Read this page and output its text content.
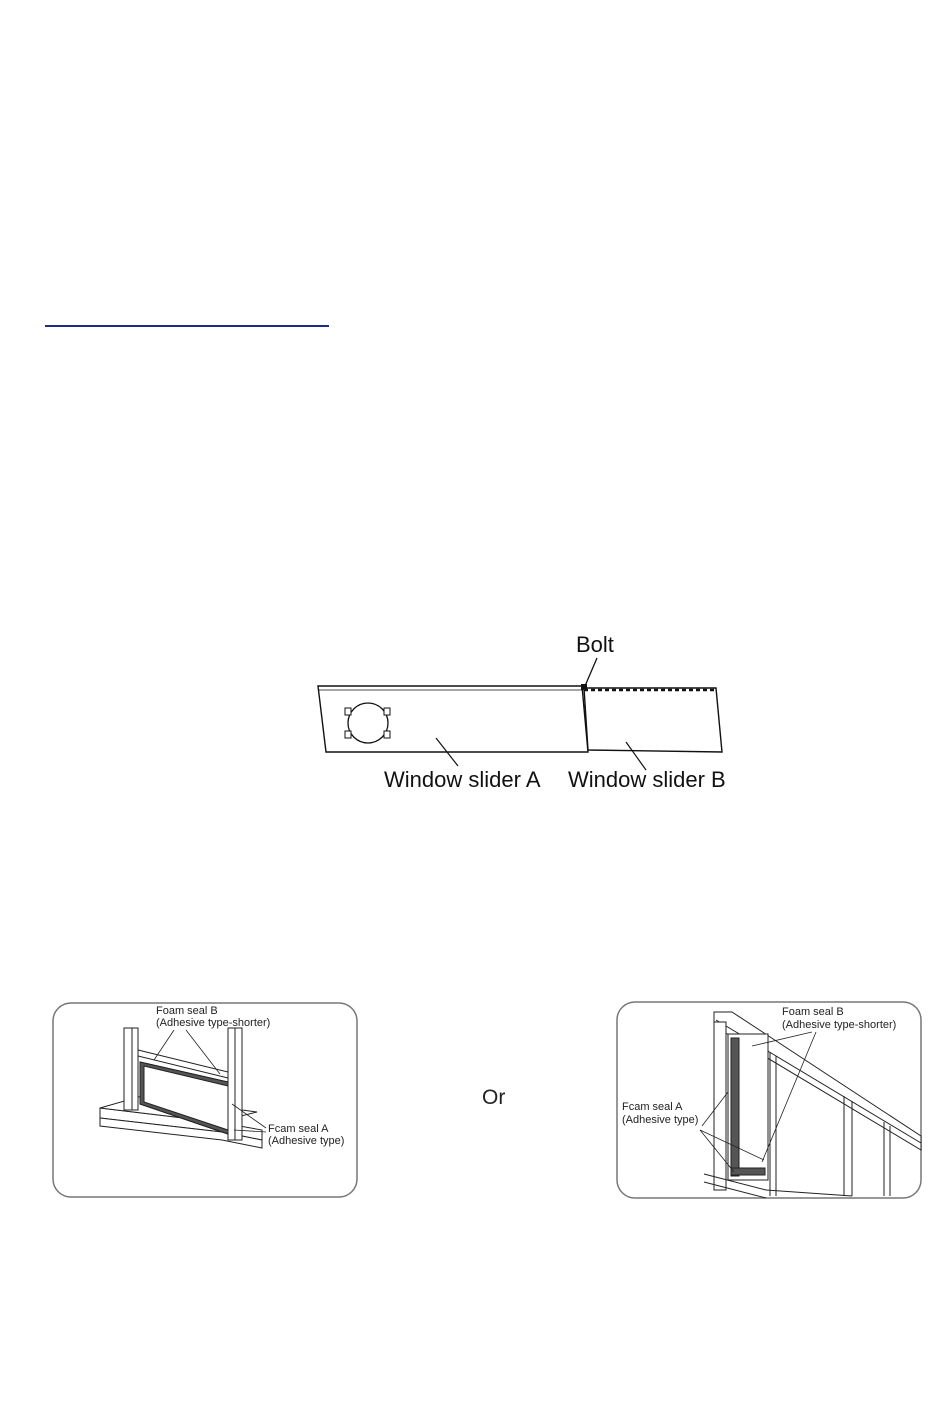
Bolt
Window slider A Window slider B
Foam seal B
(Adhesive type-shorter)
Fcam seal A
(Adhesive type)
Or
Foam seal B
(Adhesive type-shorter)
Fcam seal A
(Adhesive type)
